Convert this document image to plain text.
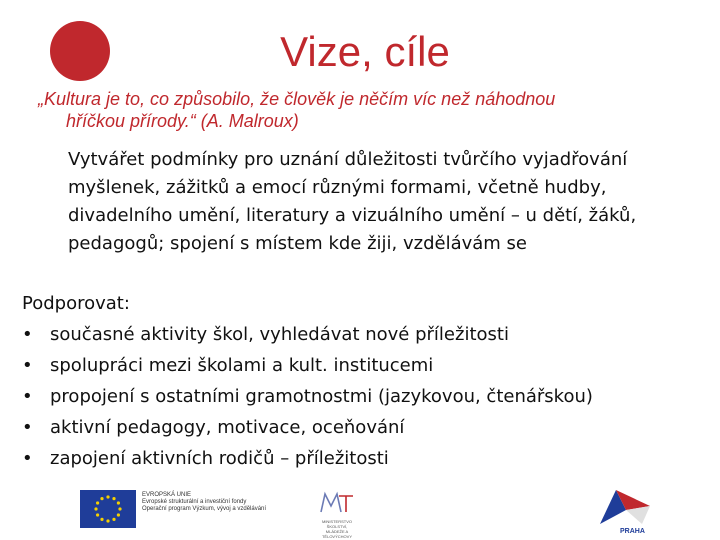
Vize, cíle

„Kultura je to, co způsobilo, že člověk je něčím víc než náhodnou
hříčkou přírody.“ (A. Malroux)

Vytvářet podmínky pro uznání důležitosti tvůrčího vyjadřování myšlenek, zážitků a emocí různými formami, včetně hudby, divadelního umění, literatury a vizuálního umění – u dětí, žáků, pedagogů; spojení s místem kde žiji, vzdělávám se

Podporovat:
• současné aktivity škol, vyhledávat nové příležitosti
• spolupráci mezi školami a kult. institucemi
• propojení s ostatními gramotnostmi (jazykovou, čtenářskou)
• aktivní pedagogy, motivace, oceňování
• zapojení aktivních rodičů – příležitosti
EVROPSKÁ UNIE
Evropské strukturální a investiční fondy
Operační program Výzkum, vývoj a vzdělávání
MINISTERSTVO ŠKOLSTVÍ,
MLÁDEŽE A TĚLOVÝCHOVY
PRAHA
